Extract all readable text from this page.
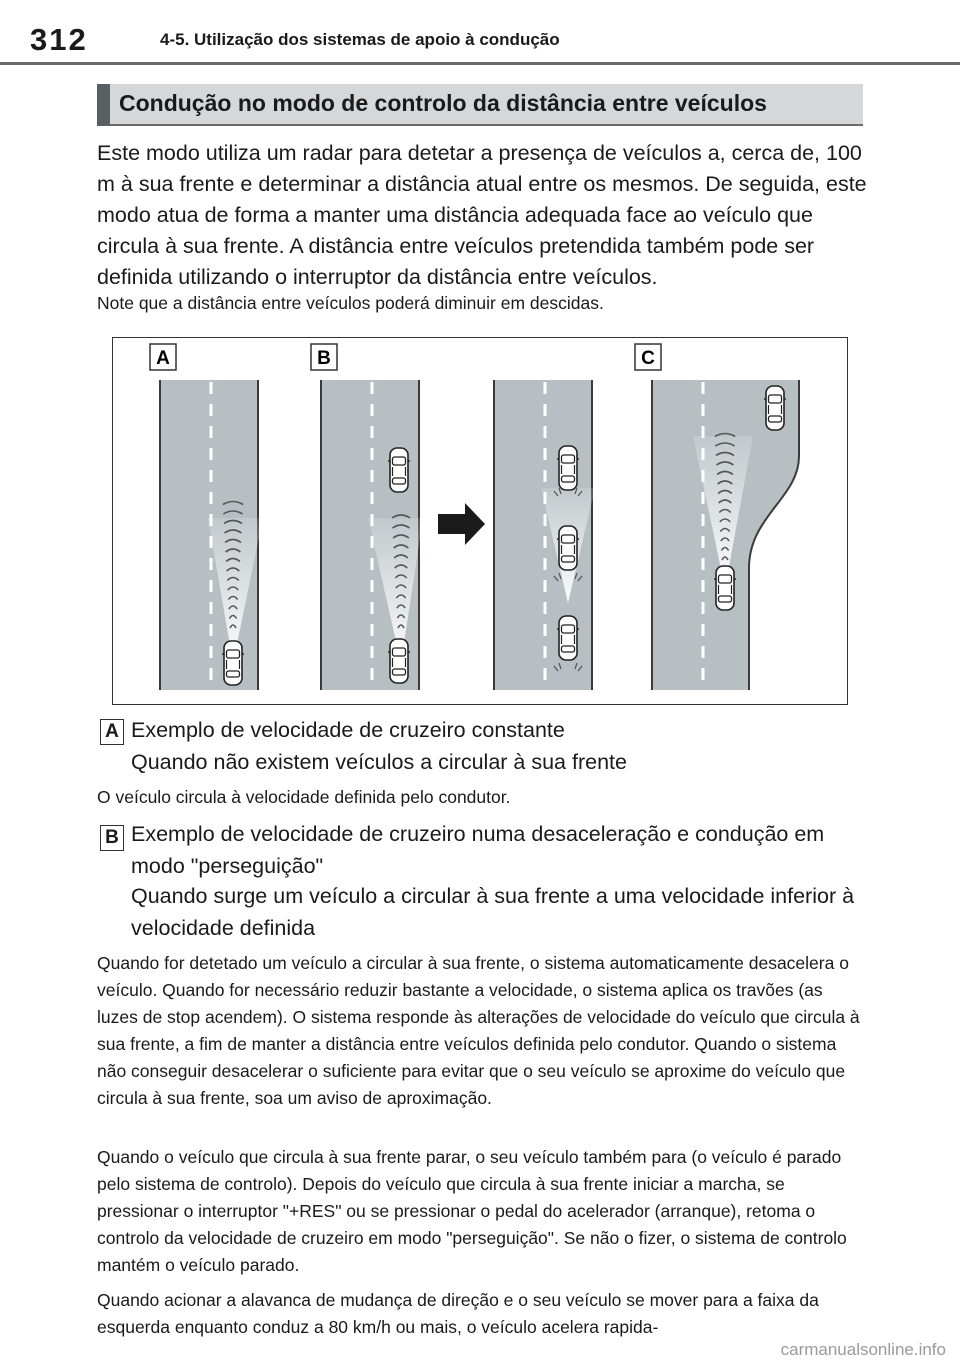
312	4-5. Utilização dos sistemas de apoio à condução
Condução no modo de controlo da distância entre veículos

Este modo utiliza um radar para detetar a presença de veículos a, cerca de, 100 m à sua frente e determinar a distância atual entre os mesmos. De seguida, este modo atua de forma a manter uma distância adequada face ao veículo que circula à sua frente. A distância entre veículos pretendida também pode ser definida utilizando o interruptor da distância entre veículos.

Note que a distância entre veículos poderá diminuir em descidas.

A	B	C
A Exemplo de velocidade de cruzeiro constante

Quando não existem veículos a circular à sua frente

O veículo circula à velocidade definida pelo condutor.

B Exemplo de velocidade de cruzeiro numa desaceleração e condução em modo "perseguição"

Quando surge um veículo a circular à sua frente a uma velocidade inferior à velocidade definida

Quando for detetado um veículo a circular à sua frente, o sistema automaticamente desacelera o veículo. Quando for necessário reduzir bastante a velocidade, o sistema aplica os travões (as luzes de stop acendem). O sistema responde às alterações de velocidade do veículo que circula à sua frente, a fim de manter a distância entre veículos definida pelo condutor. Quando o sistema não conseguir desacelerar o suficiente para evitar que o seu veículo se aproxime do veículo que circula à sua frente, soa um aviso de aproximação.

Quando o veículo que circula à sua frente parar, o seu veículo também para (o veículo é parado pelo sistema de controlo). Depois do veículo que circula à sua frente iniciar a marcha, se pressionar o interruptor "+RES" ou se pressionar o pedal do acelerador (arranque), retoma o controlo da velocidade de cruzeiro em modo "perseguição". Se não o fizer, o sistema de controlo mantém o veículo parado.

Quando acionar a alavanca de mudança de direção e o seu veículo se mover para a faixa da esquerda enquanto conduz a 80 km/h ou mais, o veículo acelera rapida-

carmanualsonline.info
